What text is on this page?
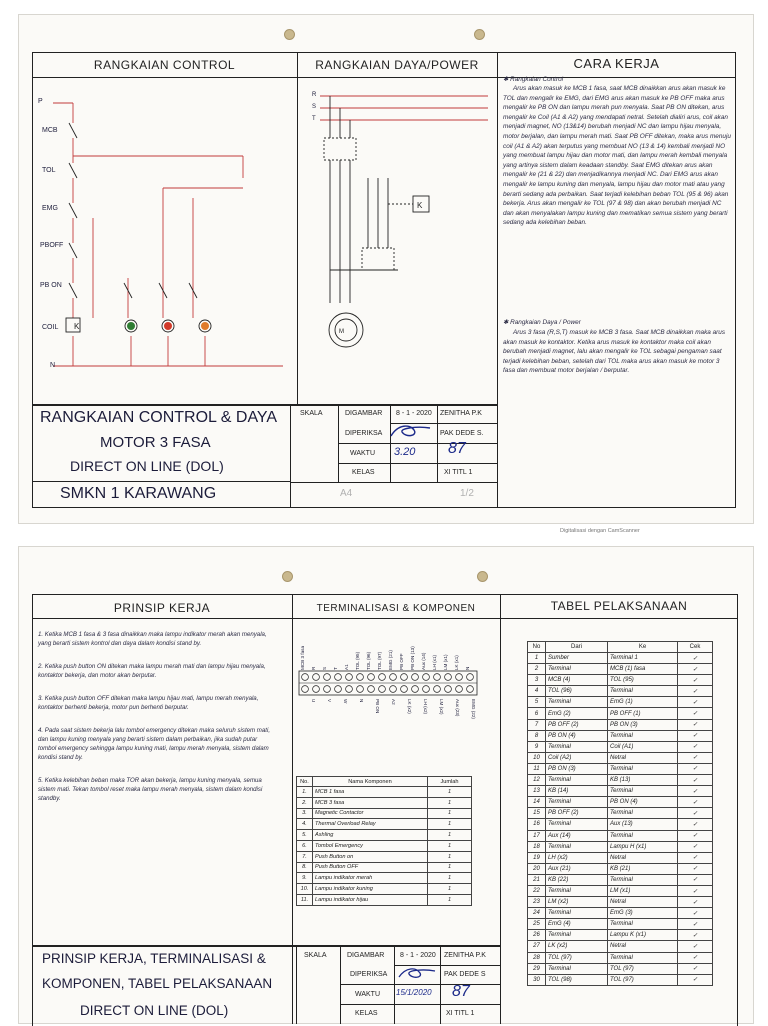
RANGKAIAN CONTROL	RANGKAIAN DAYA/POWER	CARA KERJA
K
P
MCB
TOL
EMG
PBOFF
PB ON
COIL
N
K
M
R
S
T
✱ Rangkaian Control
Arus akan masuk ke MCB 1 fasa, saat MCB dinaikkan arus akan masuk ke TOL dan mengalir ke EMG, dari EMG arus akan masuk ke PB OFF maka arus mengalir ke PB ON dan lampu merah pun menyala. Saat PB ON ditekan, arus mengalir ke Coil (A1 & A2) yang mendapati netral. Setelah dialiri arus, coil akan menjadi magnet, NO (13&14) berubah menjadi NC dan lampu hijau menyala, motor berjalan, dan lampu merah mati. Saat PB OFF ditekan, maka arus menuju coil (A1 & A2) akan terputus yang membuat NO (13 & 14) kembali menjadi NO yang membuat lampu hijau dan motor mati, dan lampu merah kembali menyala yang artinya sistem dalam keadaan standby. Saat EMG ditekan arus akan mengalir ke (21 & 22) dan menjadikannya menjadi NC. Dari EMG arus akan mengalir ke lampu kuning dan menyala, lampu hijau dan motor mati atau yang berarti sedang ada perbaikan. Saat terjadi kelebihan beban TOL (95 & 96) akan bekerja. Arus akan mengalir ke TOL (97 & 98) dan akan berubah menjadi NC dan akan menyalakan lampu kuning dan mematikan semua sistem yang berarti sedang ada kelebihan beban.
✱ Rangkaian Daya / Power
Arus 3 fasa (R,S,T) masuk ke MCB 3 fasa. Saat MCB dinaikkan maka arus akan masuk ke kontaktor. Ketika arus masuk ke kontaktor maka coil akan berubah menjadi magnet, lalu akan mengalir ke TOL sebagai pengaman saat terjadi kelebihan beban, setelah dari TOL maka arus akan masuk ke motor 3 fasa dan membuat motor berjalan / berputar.
RANGKAIAN CONTROL & DAYA
MOTOR 3 FASA
DIRECT ON LINE (DOL)
SMKN 1 KARAWANG
SKALA	DIGAMBAR 8 - 1 - 2020 ZENITHA P.K
DIPERIKSA	PAK DEDE S.
WAKTU 3.20 87
KELAS	XI TITL 1
A4	1/2
Digitalisasi dengan CamScanner
PRINSIP KERJA	TERMINALISASI & KOMPONEN	TABEL PELAKSANAAN

1. Ketika MCB 1 fasa & 3 fasa dinaikkan maka lampu indikator merah akan menyala, yang berarti sistem kontrol dan daya dalam kondisi stand by.

2. Ketika push button ON ditekan maka lampu merah mati dan lampu hijau menyala, kontaktor bekerja, dan motor akan berputar.

3. Ketika push button OFF ditekan maka lampu hijau mati, lampu merah menyala, kontaktor berhenti bekerja, motor pun berhenti berputar.

4. Pada saat sistem bekerja lalu tombol emergency ditekan maka seluruh sistem mati, dan lampu kuning menyala yang berarti sistem dalam perbaikan, jika sudah putar tombol emergency sehingga lampu kuning mati, lampu merah menyala, sistem dalam kondisi stand by.

5. Ketika kelebihan beban maka TOR akan bekerja, lampu kuning menyala, semua sistem mati. Tekan tombol reset maka lampu merah menyala, sistem dalam kondisi standby.

MCB 3 fasa	R	S	T	A1	TOL (95)	TOL (96)	TOL (97)	EMG (21)	PB OFF	PB ON (13)	Aux (14)	LH (x1)	LM (x1)	LK (x1)	N
U	V	W	N	PB ON	A2	LK (x2)	LH (x2)	LM (x2)	Aux (23)	EMG (22)
No.	Nama Komponen	Jumlah
1.	MCB 1 fasa	1
2.	MCB 3 fasa	1
3.	Magnetic Contactor	1
4.	Thermal Overload Relay	1
5.	Ashling	1
6.	Tombol Emergency	1
7.	Push Button on	1
8.	Push Button OFF	1
9.	Lampu indikator merah	1
10.	Lampu indikator kuning	1
11.	Lampu indikator hijau	1
No	Dari	Ke	Cek
1	Sumber	Terminal 1	✓
2	Terminal	MCB (1) fasa	✓
3	MCB (4)	TOL (95)	✓
4	TOL (96)	Terminal	✓
5	Terminal	EmG (1)	✓
6	EmG (2)	PB OFF (1)	✓
7	PB OFF (2)	PB ON (3)	✓
8	PB ON (4)	Terminal	✓
9	Terminal	Coil (A1)	✓
10	Coil (A2)	Netral	✓
11	PB ON (3)	Terminal	✓
12	Terminal	KB (13)	✓
13	KB (14)	Terminal	✓
14	Terminal	PB ON (4)	✓
15	PB OFF (2)	Terminal	✓
16	Terminal	Aux (13)	✓
17	Aux (14)	Terminal	✓
18	Terminal	Lampu H (x1)	✓
19	LH (x2)	Netral	✓
20	Aux (21)	KB (21)	✓
21	KB (22)	Terminal	✓
22	Terminal	LM (x1)	✓
23	LM (x2)	Netral	✓
24	Terminal	EmG (3)	✓
25	EmG (4)	Terminal	✓
26	Terminal	Lampu K (x1)	✓
27	LK (x2)	Netral	✓
28	TOL (97)	Terminal	✓
29	Terminal	TOL (97)	✓
30	TOL (98)	TOL (97)	✓
PRINSIP KERJA, TERMINALISASI &
KOMPONEN, TABEL PELAKSANAAN
DIRECT ON LINE (DOL)
SKALA	DIGAMBAR 8 - 1 - 2020 ZENITHA P.K
DIPERIKSA	PAK DEDE S
WAKTU 15/1/2020 87
KELAS	XI TITL 1
